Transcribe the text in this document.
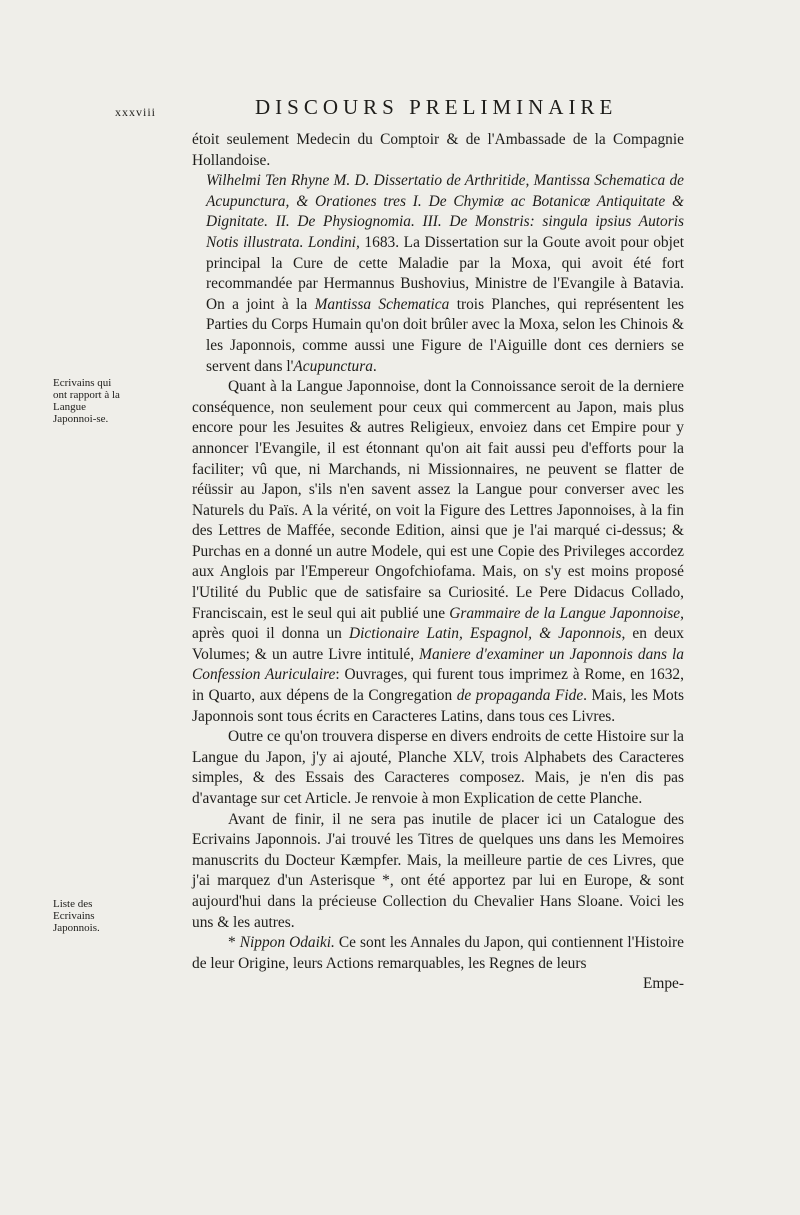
xxxviii	DISCOURS PRELIMINAIRE
Ecrivains qui ont rapport à la Langue Japonnoi-se.
Liste des Ecrivains Japonnois.

étoit seulement Medecin du Comptoir & de l'Ambassade de la Compagnie Hollandoise.

Wilhelmi Ten Rhyne M. D. Dissertatio de Arthritide, Mantissa Schematica de Acupunctura, & Orationes tres I. De Chymiæ ac Botanicæ Antiquitate & Dignitate. II. De Physiognomia. III. De Monstris: singula ipsius Autoris Notis illustrata. Londini, 1683. La Dissertation sur la Goute avoit pour objet principal la Cure de cette Maladie par la Moxa, qui avoit été fort recommandée par Hermannus Bushovius, Ministre de l'Evangile à Batavia. On a joint à la Mantissa Schematica trois Planches, qui représentent les Parties du Corps Humain qu'on doit brûler avec la Moxa, selon les Chinois & les Japonnois, comme aussi une Figure de l'Aiguille dont ces derniers se servent dans l'Acupunctura.

Quant à la Langue Japonnoise, dont la Connoissance seroit de la derniere conséquence, non seulement pour ceux qui commercent au Japon, mais plus encore pour les Jesuites & autres Religieux, envoiez dans cet Empire pour y annoncer l'Evangile, il est étonnant qu'on ait fait aussi peu d'efforts pour la faciliter; vû que, ni Marchands, ni Missionnaires, ne peuvent se flatter de réüssir au Japon, s'ils n'en savent assez la Langue pour converser avec les Naturels du Païs. A la vérité, on voit la Figure des Lettres Japonnoises, à la fin des Lettres de Maffée, seconde Edition, ainsi que je l'ai marqué ci-dessus; & Purchas en a donné un autre Modele, qui est une Copie des Privileges accordez aux Anglois par l'Empereur Ongofchiofama. Mais, on s'y est moins proposé l'Utilité du Public que de satisfaire sa Curiosité. Le Pere Didacus Collado, Franciscain, est le seul qui ait publié une Grammaire de la Langue Japonnoise, après quoi il donna un Dictionaire Latin, Espagnol, & Japonnois, en deux Volumes; & un autre Livre intitulé, Maniere d'examiner un Japonnois dans la Confession Auriculaire: Ouvrages, qui furent tous imprimez à Rome, en 1632, in Quarto, aux dépens de la Congregation de propaganda Fide. Mais, les Mots Japonnois sont tous écrits en Caracteres Latins, dans tous ces Livres.

Outre ce qu'on trouvera disperse en divers endroits de cette Histoire sur la Langue du Japon, j'y ai ajouté, Planche XLV, trois Alphabets des Caracteres simples, & des Essais des Caracteres composez. Mais, je n'en dis pas d'avantage sur cet Article. Je renvoie à mon Explication de cette Planche.

Avant de finir, il ne sera pas inutile de placer ici un Catalogue des Ecrivains Japonnois. J'ai trouvé les Titres de quelques uns dans les Memoires manuscrits du Docteur Kæmpfer. Mais, la meilleure partie de ces Livres, que j'ai marquez d'un Asterisque *, ont été apportez par lui en Europe, & sont aujourd'hui dans la précieuse Collection du Chevalier Hans Sloane. Voici les uns & les autres.

* Nippon Odaiki. Ce sont les Annales du Japon, qui contiennent l'Histoire de leur Origine, leurs Actions remarquables, les Regnes de leurs

Empe-
